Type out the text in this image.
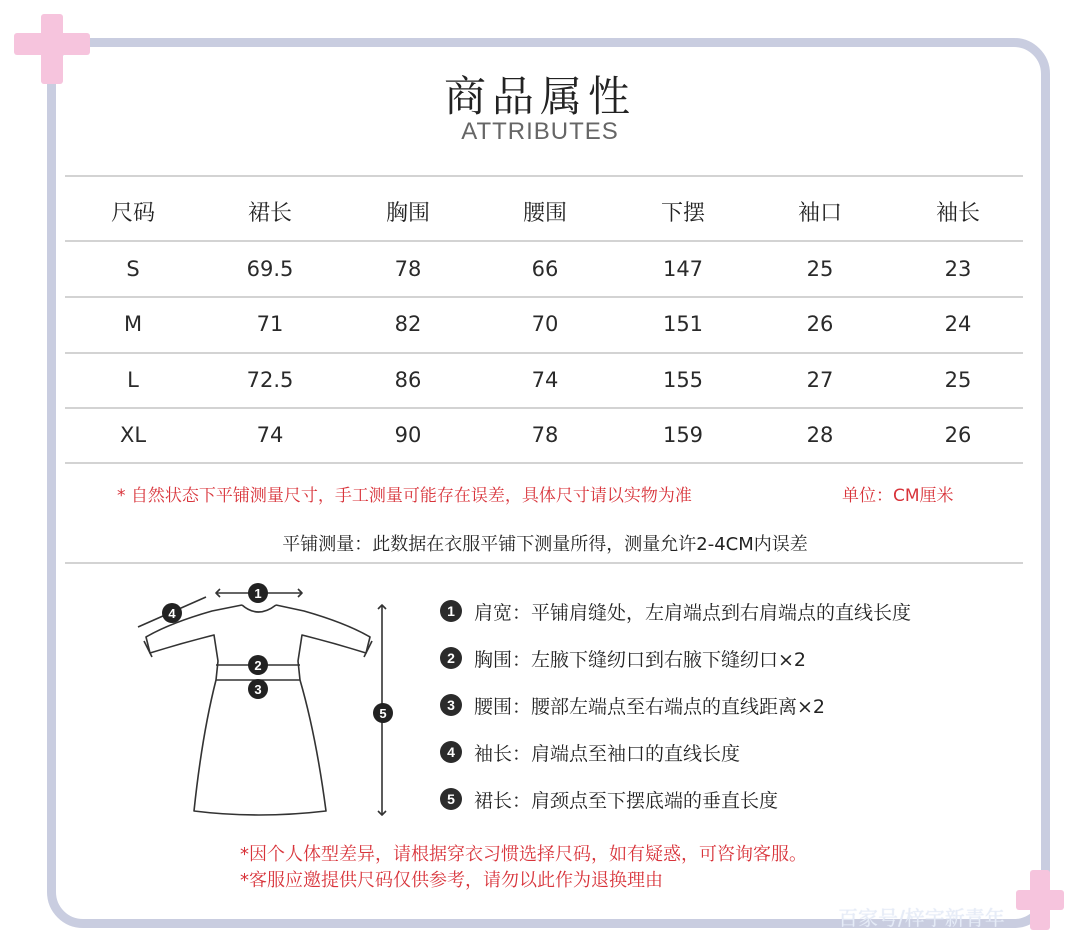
商品属性
ATTRIBUTES
尺码	裙长	胸围	腰围	下摆	袖口	袖长
S	69.5	78	66	147	25	23
M	71	82	70	151	26	24
L	72.5	86	74	155	27	25
XL	74	90	78	159	28	26
* 自然状态下平铺测量尺寸，手工测量可能存在误差，具体尺寸请以实物为准	单位：CM厘米
平铺测量：此数据在衣服平铺下测量所得，测量允许2-4CM内误差
1
4
2
3
5
1	肩宽：平铺肩缝处，左肩端点到右肩端点的直线长度
2	胸围：左腋下缝纫口到右腋下缝纫口×2
3	腰围：腰部左端点至右端点的直线距离×2
4	袖长：肩端点至袖口的直线长度
5	裙长：肩颈点至下摆底端的垂直长度
*因个人体型差异，请根据穿衣习惯选择尺码，如有疑惑，可咨询客服。
*客服应邀提供尺码仅供参考，请勿以此作为退换理由
百家号/梓宇新青年
